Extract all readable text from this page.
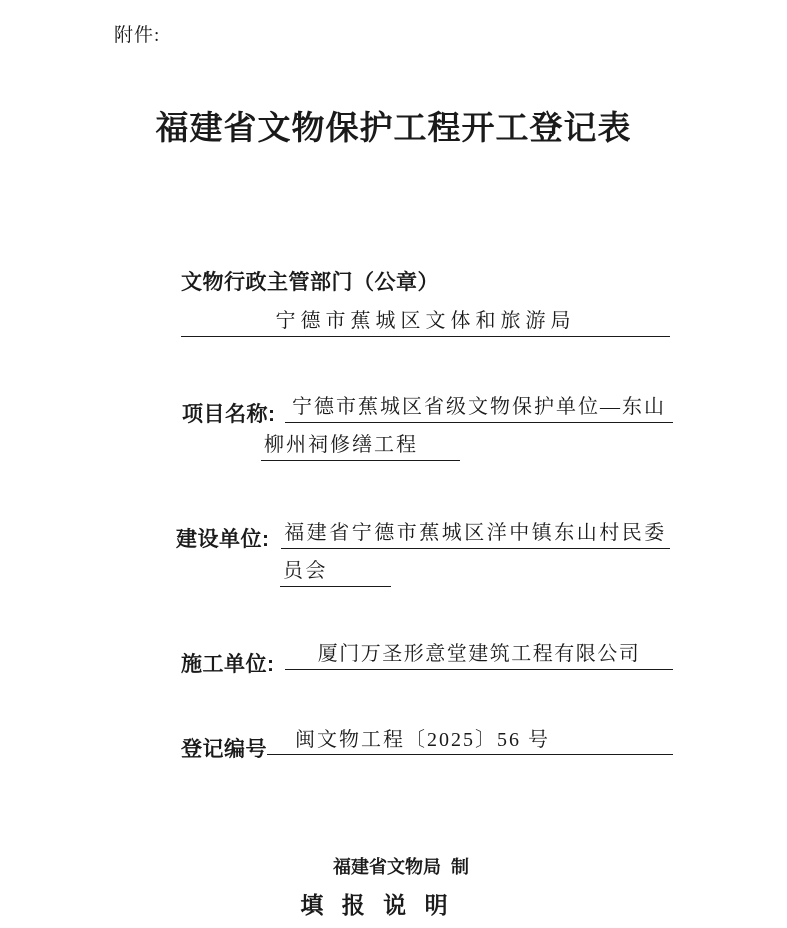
附件:
福建省文物保护工程开工登记表
文物行政主管部门（公章）
宁德市蕉城区文体和旅游局
项目名称: 宁德市蕉城区省级文物保护单位—东山
柳州祠修缮工程
建设单位: 福建省宁德市蕉城区洋中镇东山村民委
员会
施工单位:	厦门万圣形意堂建筑工程有限公司
登记编号	闽文物工程〔2025〕56 号
福建省文物局  制
填 报 说 明
